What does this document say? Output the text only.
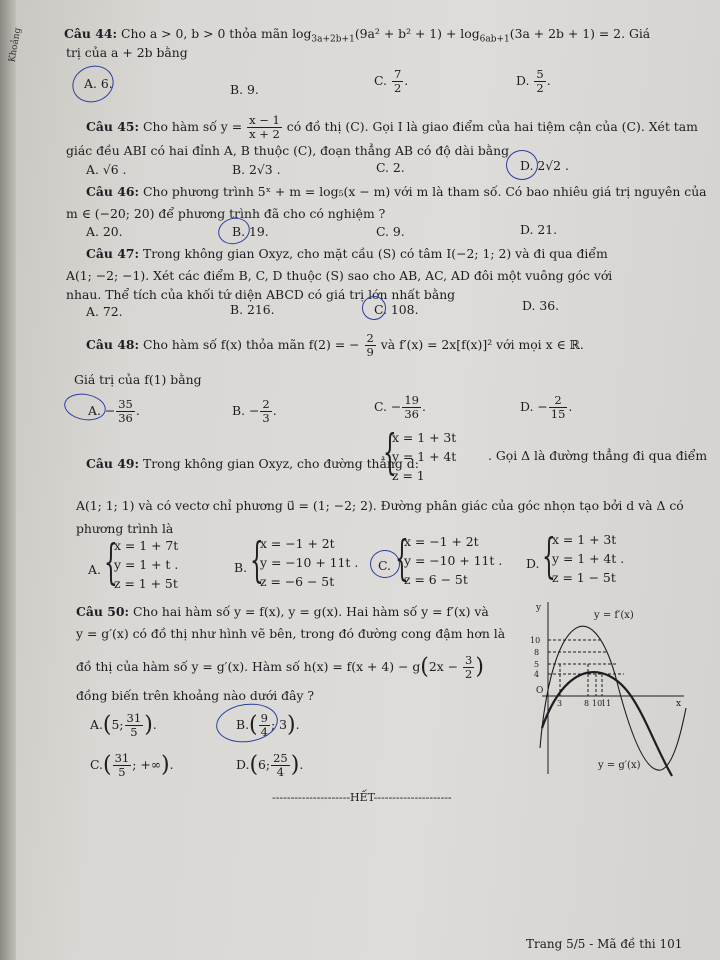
Khoảng	Câu 44: Cho a > 0, b > 0 thỏa mãn $\log_{3a+2b+1}(9a^2 + b^2 + 1) + \log_{6ab+1}(3a + 2b + 1) = 2$. Giá
trị của a + 2b bằng
A. 6.	B. 9.
C. $\frac{7}{2}$ .	D. $\frac{5}{2}$ .
Câu 45: Cho hàm số $y = \frac{x - 1}{x + 2}$ có đồ thị (C). Gọi I là giao điểm của hai tiệm cận của (C). Xét tam
giác đều ABI có hai đỉnh A, B thuộc (C), đoạn thẳng AB có độ dài bằng
A. √6 .	B. 2√3 .	C. 2.	D. 2√2 .
Câu 46: Cho phương trình 5ˣ + m = log₅(x − m) với m là tham số. Có bao nhiêu giá trị nguyên của
m ∈ (−20; 20) để phương trình đã cho có nghiệm ?
A. 20.	B. 19.	C. 9.	D. 21.
Câu 47: Trong không gian Oxyz, cho mặt cầu (S) có tâm I(−2; 1; 2) và đi qua điểm
A(1; −2; −1). Xét các điểm B, C, D thuộc (S) sao cho AB, AC, AD đôi một vuông góc với
nhau. Thể tích của khối tứ diện ABCD có giá trị lớn nhất bằng
A. 72.	B. 216.	C. 108.	D. 36.
Câu 48: Cho hàm số f(x) thỏa mãn f(2) = − $\frac{2}{9}$ và f′(x) = 2x[f(x)]² với mọi x ∈ ℝ.
Giá trị của f(1) bằng
A. − $\frac{35}{36}$ .	B. − $\frac{2}{3}$ .	C. − $\frac{19}{36}$ .	D. − $\frac{2}{15}$ .
Câu 49: Trong không gian Oxyz, cho đường thẳng d:
{
x = 1 + 3t
y = 1 + 4t
z = 1
. Gọi Δ là đường thẳng đi qua điểm
A(1; 1; 1) và có vectơ chỉ phương u⃗ = (1; −2; 2). Đường phân giác của góc nhọn tạo bởi d và Δ có
phương trình là
A. {
x = 1 + 7t
y = 1 + t .
z = 1 + 5t
B. {
x = −1 + 2t
y = −10 + 11t .
z = −6 − 5t
C. {
x = −1 + 2t
y = −10 + 11t .
z = 6 − 5t
D. {
x = 1 + 3t
y = 1 + 4t .
z = 1 − 5t
Câu 50: Cho hai hàm số y = f(x), y = g(x). Hai hàm số y = f′(x) và
y = g′(x) có đồ thị như hình vẽ bên, trong đó đường cong đậm hơn là
đồ thị của hàm số y = g′(x). Hàm số $h(x) = f(x + 4) - g(2x - \frac{3}{2}$ )
đồng biến trên khoảng nào dưới đây ?
A.(5; $\frac{31}{5}$ ).	$B.( \frac{9}{4}$ ; 3).
$C.( \frac{31}{5}$ ; +∞).	D.(6; $\frac{25}{4}$ ).
y
x
O
y = f′(x)
y = g′(x)
10
8
5
4
3	8 10
11
---------------------HẾT---------------------
Trang 5/5 - Mã đề thi 101
